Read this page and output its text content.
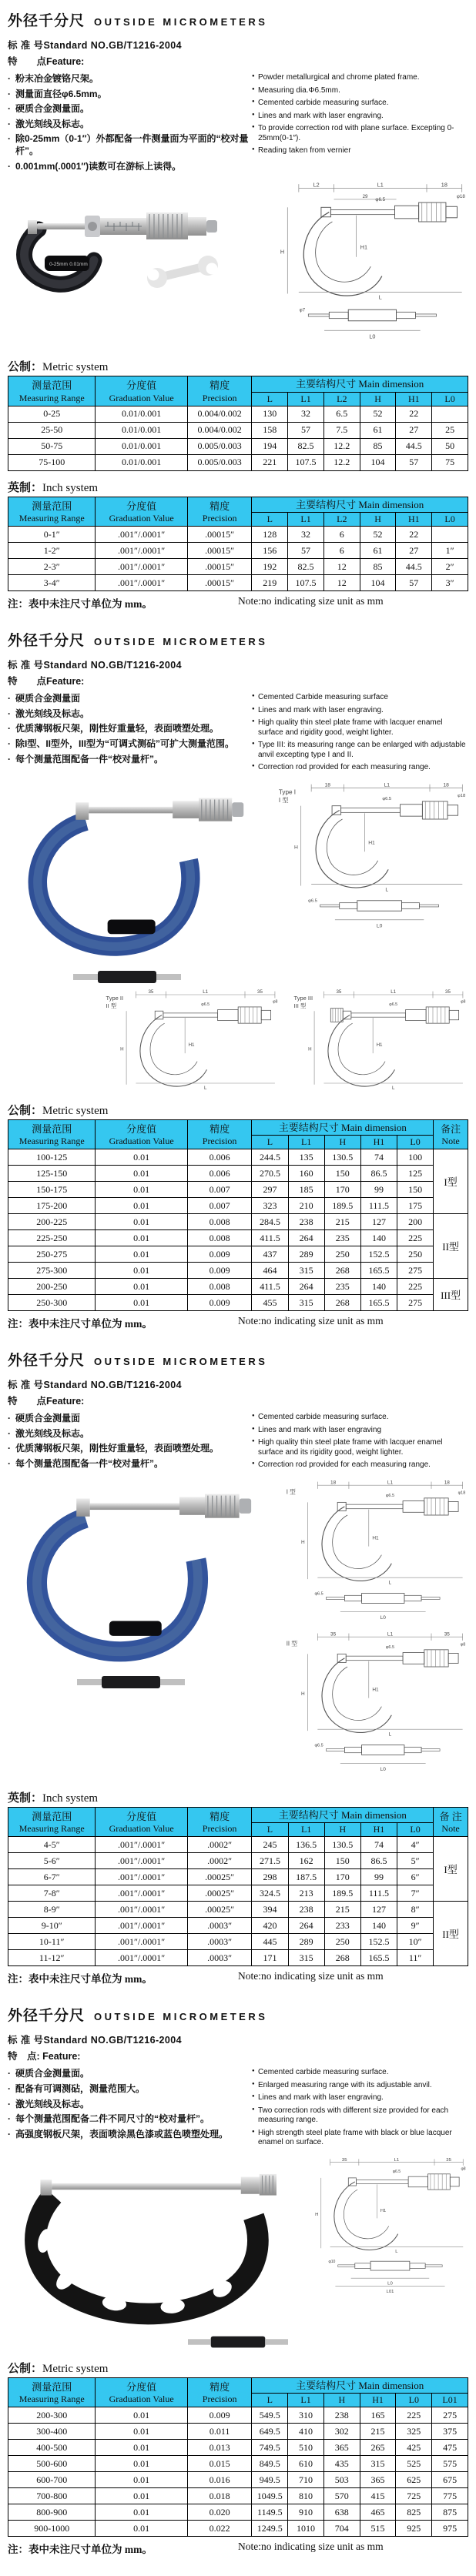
外径千分尺 OUTSIDE MICROMETERS
标 准 号Standard NO.GB/T1216-2004
特　　点Feature:
· 粉末冶金镀铬尺架。
· 测量面直径φ6.5mm。
· 硬质合金测量面。
· 激光刻线及标志。
· 除0-25mm（0-1″）外都配备一件测量面为平面的“校对量杆”。
· 0.001mm(.0001″)读数可在游标上读得。
● Powder metallurgical and chrome plated frame.
● Measuring dia.Φ6.5mm.
● Cemented carbide measuring surface.
● Lines and mark with laser engraving.
● To provide correction rod with plane surface. Excepting 0-25mm(0-1″).
● Reading taken from vernier
0-25mm 0.01mm
L2	L1	18
29
H
H1
φ6.5
φ18
L
φ7
L0
公制：Metric system
测量范围
Measuring Range

分度值
Graduation Value

精度
Precision

主要结构尺寸 Main dimension

			L	L1	L2	H	H1	L0
0-25	0.01/0.001	0.004/0.002	130	32	6.5	52	22	
25-50	0.01/0.001	0.004/0.002	158	57	7.5	61	27	25
50-75	0.01/0.001	0.005/0.003	194	82.5	12.2	85	44.5	50
75-100	0.01/0.001	0.005/0.003	221	107.5	12.2	104	57	75
英制：Inch system
测量范围
Measuring Range

分度值
Graduation Value

精度
Precision

主要结构尺寸 Main dimension

			L	L1	L2	H	H1	L0
0-1″	.001″/.0001″	.00015″	128	32	6	52	22	
1-2″	.001″/.0001″	.00015″	156	57	6	61	27	1″
2-3″	.001″/.0001″	.00015″	192	82.5	12	85	44.5	2″
3-4″	.001″/.0001″	.00015″	219	107.5	12	104	57	3″
注：表中未注尺寸单位为 mm。	Note:no indicating size unit as mm
外径千分尺 OUTSIDE MICROMETERS
标 准 号Standard NO.GB/T1216-2004
特　　点Feature:
· 硬质合金测量面
· 激光刻线及标志。
· 优质薄钢板尺架，刚性好重量轻，表面喷塑处理。
· 除I型、II型外，III型为“可调式测砧”可扩大测量范围。
· 每个测量范围配备一件“校对量杆”。
● Cemented Carbide measuring surface
● Lines and mark with laser engraving.
● High quality thin steel plate frame with lacquer enamel surface and rigidity good, weight lighter.
● Type III: its measuring range can be enlarged with adjustable anvil excepting type I and II.
● Correction rod provided for each measuring range.
Type I
I 型
18	L1	18
H
H1
φ6.5
φ18
L
φ6.5
L0
Type II
II 型
35	L1	35
H
H1
φ6.5
φ8
L
Type III
III 型
35	L1	35
H
H1
φ6.5
φ8
L
公制：Metric system
测量范围
Measuring Range

分度值
Graduation Value

精度
Precision

主要结构尺寸 Main dimension	备注
Note

			L	L1	H	H1	L0	
100-125	0.01	0.006	244.5	135	130.5	74	100	I型
125-150	0.01	0.006	270.5	160	150	86.5	125	
150-175	0.01	0.007	297	185	170	99	150	
175-200	0.01	0.007	323	210	189.5	111.5	175	
200-225	0.01	0.008	284.5	238	215	127	200	II型
225-250	0.01	0.008	411.5	264	235	140	225	
250-275	0.01	0.009	437	289	250	152.5	250	
275-300	0.01	0.009	464	315	268	165.5	275	
200-250	0.01	0.008	411.5	264	235	140	225	III型
250-300	0.01	0.009	455	315	268	165.5	275	
注：表中未注尺寸单位为 mm。	Note:no indicating size unit as mm
外径千分尺 OUTSIDE MICROMETERS
标 准 号Standard NO.GB/T1216-2004
特　　点Feature:
· 硬质合金测量面
· 激光刻线及标志。
· 优质薄钢板尺架，刚性好重量轻，表面喷塑处理。
· 每个测量范围配备一件“校对量杆”。
● Cemented carbide measuring surface.
● Lines and mark with laser engraving
● High quality thin steel plate frame with lacquer enamel surface and its rigidity good, weight lighter.
● Correction rod provided for each measuring range.
I 型
18	L1	18
H
H1
φ6.5
φ18
L
φ6.5
L0
II 型
35	L1	35
H
H1
φ6.5
φ8
L
φ6.5
L0
英制：Inch system
测量范围
Measuring Range

分度值
Graduation Value

精度
Precision

主要结构尺寸 Main dimension	备 注
Note

			L	L1	H	H1	L0	
4-5″	.001″/.0001″	.0002″	245	136.5	130.5	74	4″	I型
5-6″	.001″/.0001″	.0002″	271.5	162	150	86.5	5″	
6-7″	.001″/.0001″	.00025″	298	187.5	170	99	6″	
7-8″	.001″/.0001″	.00025″	324.5	213	189.5	111.5	7″	
8-9″	.001″/.0001″	.00025″	394	238	215	127	8″	II型
9-10″	.001″/.0001″	.0003″	420	264	233	140	9″	
10-11″	.001″/.0001″	.0003″	445	289	250	152.5	10″	
11-12″	.001″/.0001″	.0003″	171	315	268	165.5	11″	
注：表中未注尺寸单位为 mm。	Note:no indicating size unit as mm
外径千分尺 OUTSIDE MICROMETERS
标 准 号Standard NO.GB/T1216-2004
特　点: Feature:
· 硬质合金测量面。
· 配备有可调测砧，测量范围大。
· 激光刻线及标志。
· 每个测量范围配备二件不同尺寸的“校对量杆”。
· 高强度钢板尺架，表面喷涂黑色漆或蓝色喷塑处理。
● Cemented carbide measuring surface.
● Enlarged measuring range with its adjustable anvil.
● Lines and mark with laser engraving.
● Two correction rods with different size provided for each measuring range.
● High strength steel plate frame with black or blue lacquer enamel on surface.
35	L1	35
H
H1
φ6.5
φ8
L
φ10
L0
L01
公制：Metric system
测量范围
Measuring Range

分度值
Graduation Value

精度
Precision

主要结构尺寸 Main dimension

			L	L1	H	H1	L0	L01
200-300	0.01	0.009	549.5	310	238	165	225	275
300-400	0.01	0.011	649.5	410	302	215	325	375
400-500	0.01	0.013	749.5	510	365	265	425	475
500-600	0.01	0.015	849.5	610	435	315	525	575
600-700	0.01	0.016	949.5	710	503	365	625	675
700-800	0.01	0.018	1049.5	810	570	415	725	775
800-900	0.01	0.020	1149.5	910	638	465	825	875
900-1000	0.01	0.022	1249.5	1010	704	515	925	975
注：表中未注尺寸单位为 mm。	Note:no indicating size unit as mm
